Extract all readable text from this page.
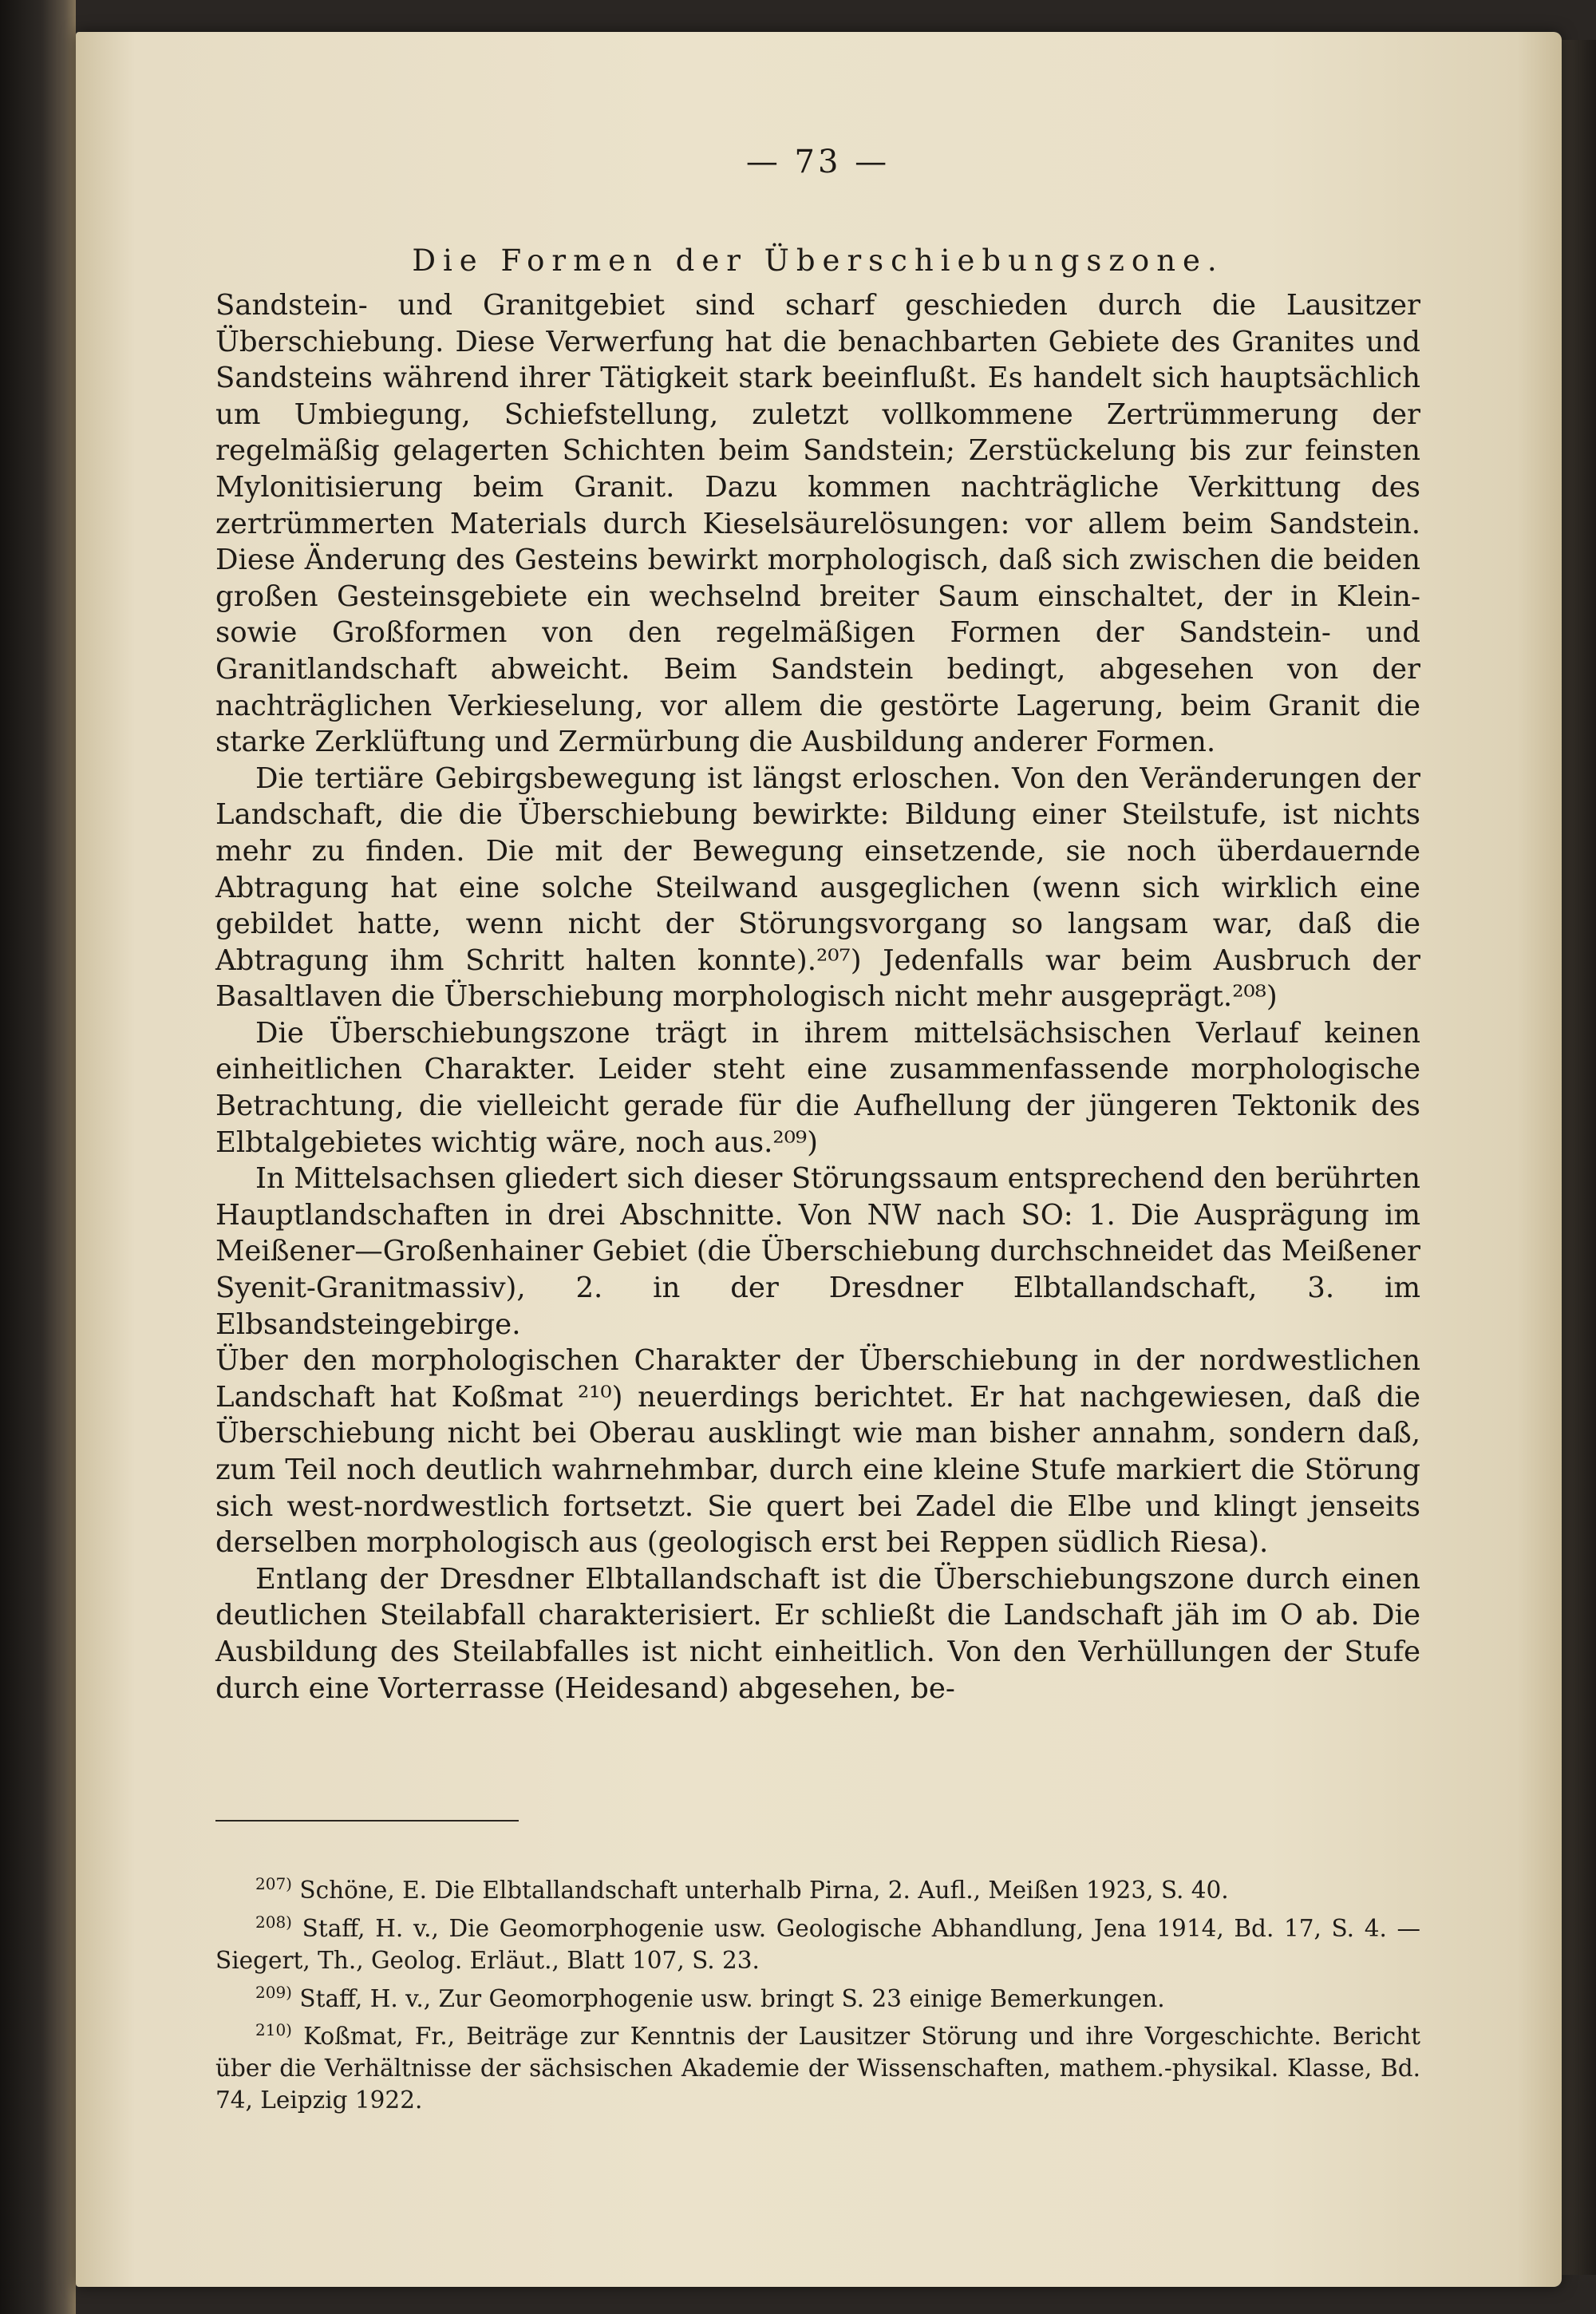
— 73 —
Die Formen der Überschiebungszone.

Sandstein- und Granitgebiet sind scharf geschieden durch die Lausitzer Überschiebung. Diese Verwerfung hat die benachbarten Gebiete des Granites und Sandsteins während ihrer Tätigkeit stark beeinflußt. Es handelt sich hauptsächlich um Umbiegung, Schiefstellung, zuletzt vollkommene Zertrümmerung der regelmäßig gelagerten Schichten beim Sandstein; Zerstückelung bis zur feinsten Mylonitisierung beim Granit. Dazu kommen nachträgliche Verkittung des zertrümmerten Materials durch Kieselsäurelösungen: vor allem beim Sandstein. Diese Änderung des Gesteins bewirkt morphologisch, daß sich zwischen die beiden großen Gesteinsgebiete ein wechselnd breiter Saum einschaltet, der in Klein- sowie Großformen von den regelmäßigen Formen der Sandstein- und Granitlandschaft abweicht. Beim Sandstein bedingt, abgesehen von der nachträglichen Verkieselung, vor allem die gestörte Lagerung, beim Granit die starke Zerklüftung und Zermürbung die Ausbildung anderer Formen.

Die tertiäre Gebirgsbewegung ist längst erloschen. Von den Veränderungen der Landschaft, die die Überschiebung bewirkte: Bildung einer Steilstufe, ist nichts mehr zu finden. Die mit der Bewegung einsetzende, sie noch überdauernde Abtragung hat eine solche Steilwand ausgeglichen (wenn sich wirklich eine gebildet hatte, wenn nicht der Störungsvorgang so langsam war, daß die Abtragung ihm Schritt halten konnte).²⁰⁷) Jedenfalls war beim Ausbruch der Basaltlaven die Überschiebung morphologisch nicht mehr ausgeprägt.²⁰⁸)

Die Überschiebungszone trägt in ihrem mittelsächsischen Verlauf keinen einheitlichen Charakter. Leider steht eine zusammenfassende morphologische Betrachtung, die vielleicht gerade für die Aufhellung der jüngeren Tektonik des Elbtalgebietes wichtig wäre, noch aus.²⁰⁹)

In Mittelsachsen gliedert sich dieser Störungssaum entsprechend den berührten Hauptlandschaften in drei Abschnitte. Von NW nach SO: 1. Die Ausprägung im Meißener—Großenhainer Gebiet (die Überschiebung durchschneidet das Meißener Syenit-Granitmassiv), 2. in der Dresdner Elbtallandschaft, 3. im Elbsandsteingebirge.

Über den morphologischen Charakter der Überschiebung in der nordwestlichen Landschaft hat Koßmat ²¹⁰) neuerdings berichtet. Er hat nachgewiesen, daß die Überschiebung nicht bei Oberau ausklingt wie man bisher annahm, sondern daß, zum Teil noch deutlich wahrnehmbar, durch eine kleine Stufe markiert die Störung sich west-nordwestlich fortsetzt. Sie quert bei Zadel die Elbe und klingt jenseits derselben morphologisch aus (geologisch erst bei Reppen südlich Riesa).

Entlang der Dresdner Elbtallandschaft ist die Überschiebungszone durch einen deutlichen Steilabfall charakterisiert. Er schließt die Landschaft jäh im O ab. Die Ausbildung des Steilabfalles ist nicht einheitlich. Von den Verhüllungen der Stufe durch eine Vorterrasse (Heidesand) abgesehen, be-

$^{207)}$ Schöne, E. Die Elbtallandschaft unterhalb Pirna, 2. Aufl., Meißen 1923, S. 40.

$^{208)}$ Staff, H. v., Die Geomorphogenie usw. Geologische Abhandlung, Jena 1914, Bd. 17, S. 4. — Siegert, Th., Geolog. Erläut., Blatt 107, S. 23.

$^{209)}$ Staff, H. v., Zur Geomorphogenie usw. bringt S. 23 einige Bemerkungen.

$^{210)}$ Koßmat, Fr., Beiträge zur Kenntnis der Lausitzer Störung und ihre Vorgeschichte. Bericht über die Verhältnisse der sächsischen Akademie der Wissenschaften, mathem.-physikal. Klasse, Bd. 74, Leipzig 1922.
